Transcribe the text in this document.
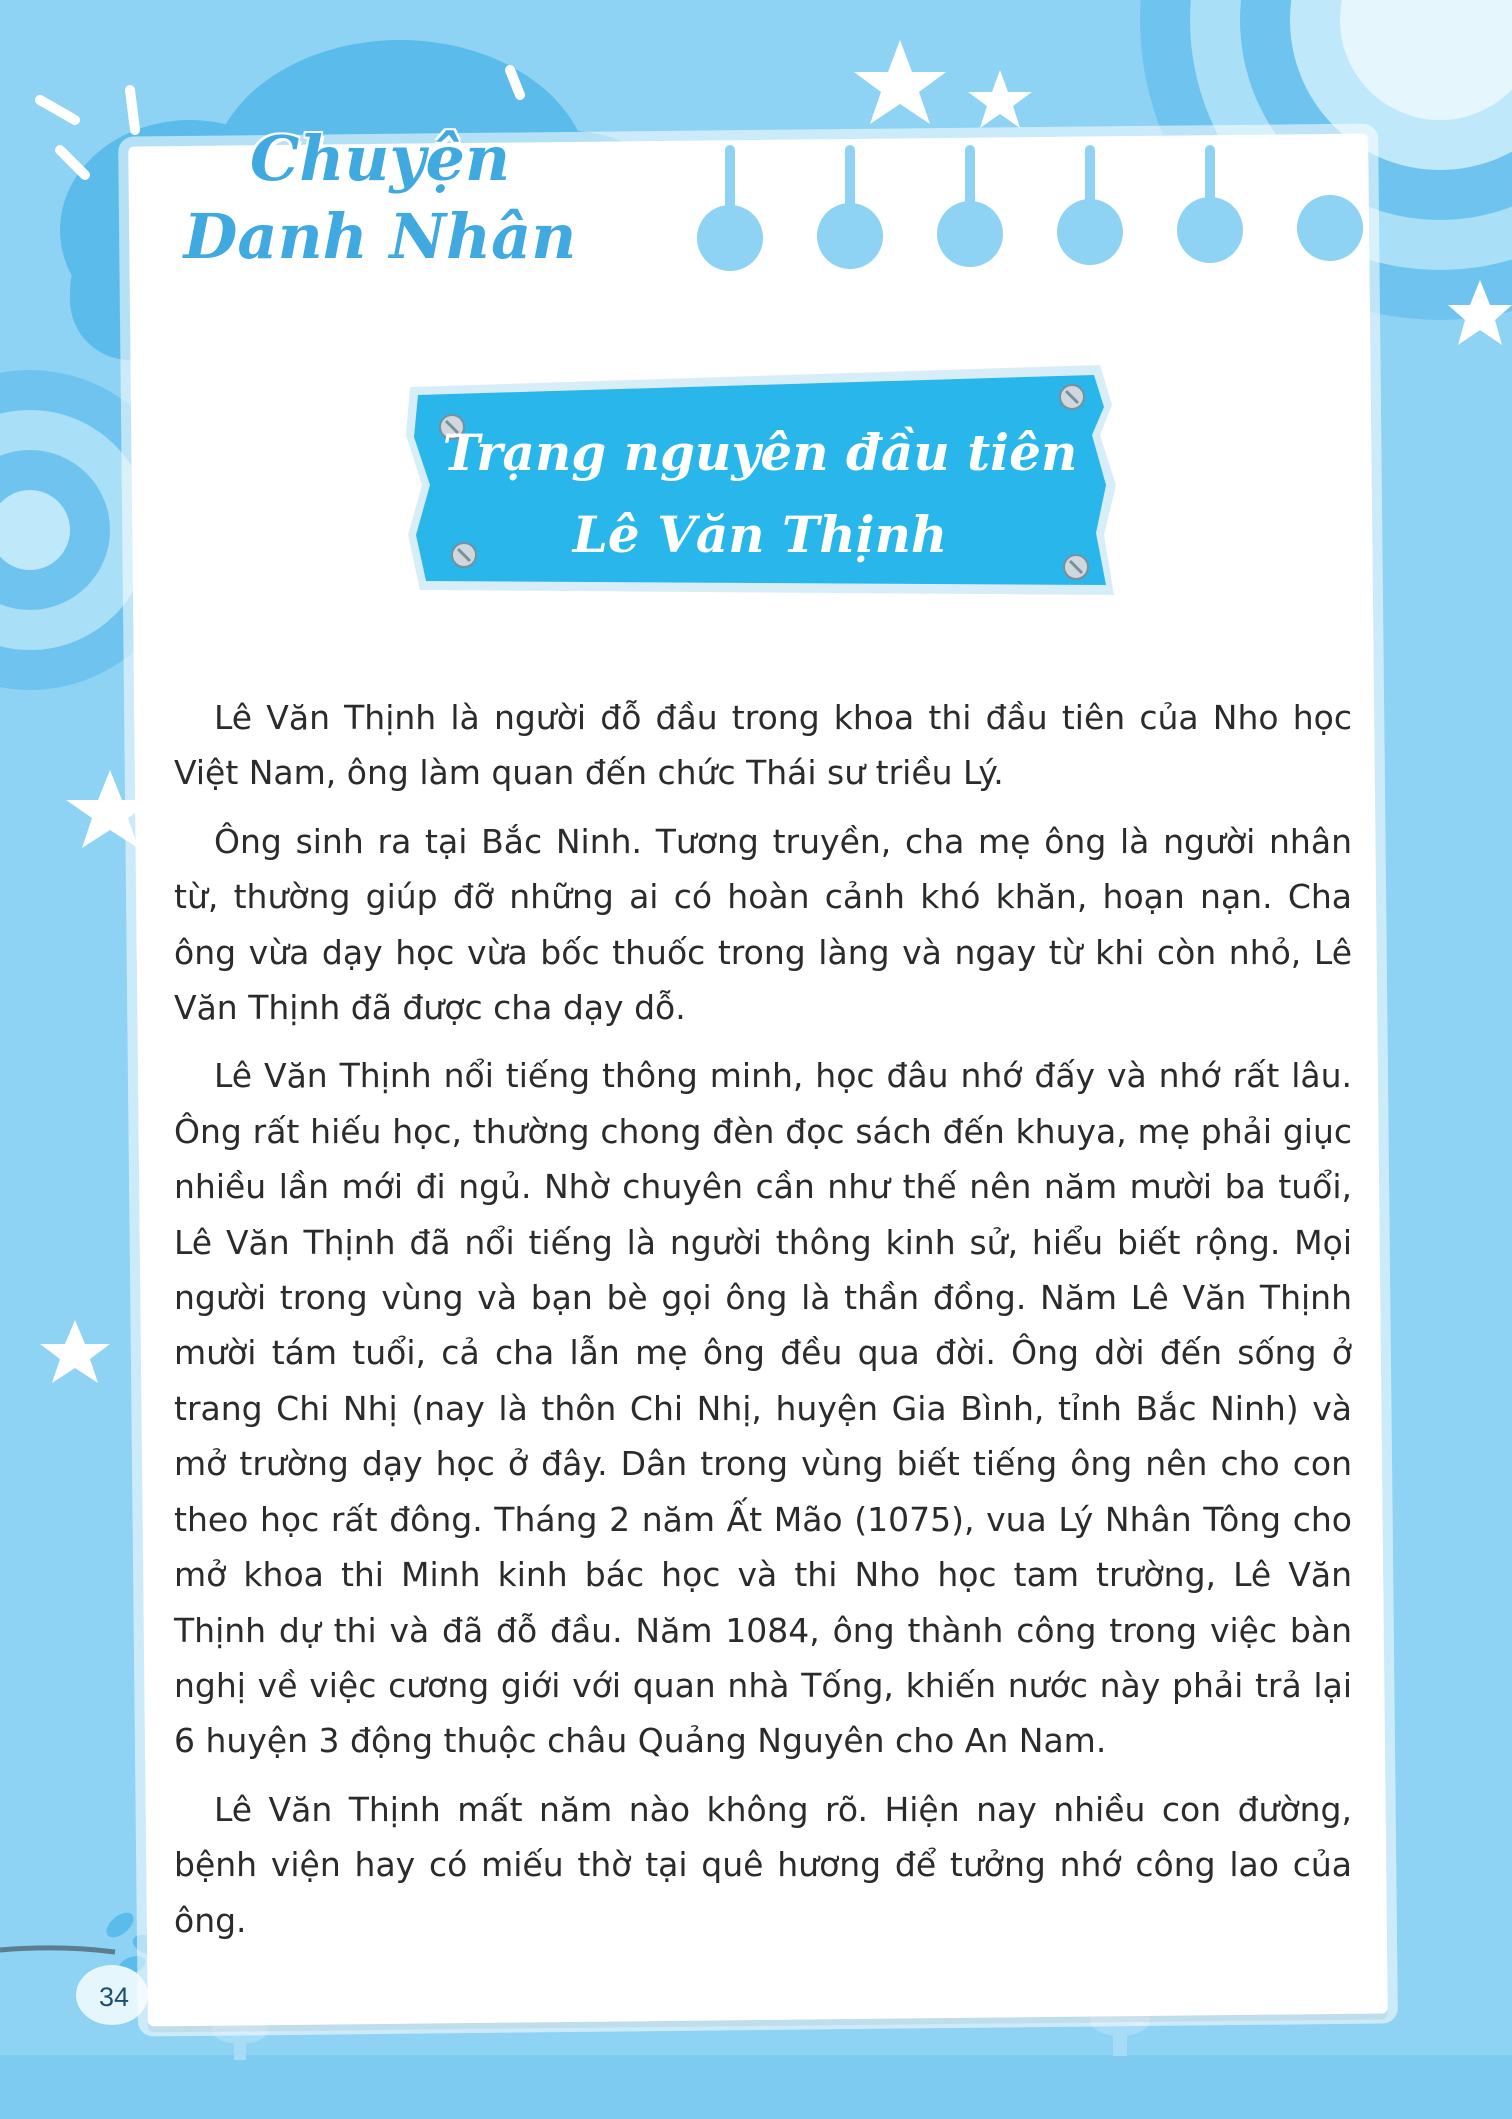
Chuyện
Danh Nhân
Trạng nguyên đầu tiên
Lê Văn Thịnh

Lê Văn Thịnh là người đỗ đầu trong khoa thi đầu tiên của Nho học Việt Nam, ông làm quan đến chức Thái sư triều Lý.

Ông sinh ra tại Bắc Ninh. Tương truyền, cha mẹ ông là người nhân từ, thường giúp đỡ những ai có hoàn cảnh khó khăn, hoạn nạn. Cha ông vừa dạy học vừa bốc thuốc trong làng và ngay từ khi còn nhỏ, Lê Văn Thịnh đã được cha dạy dỗ.

Lê Văn Thịnh nổi tiếng thông minh, học đâu nhớ đấy và nhớ rất lâu. Ông rất hiếu học, thường chong đèn đọc sách đến khuya, mẹ phải giục nhiều lần mới đi ngủ. Nhờ chuyên cần như thế nên năm mười ba tuổi, Lê Văn Thịnh đã nổi tiếng là người thông kinh sử, hiểu biết rộng. Mọi người trong vùng và bạn bè gọi ông là thần đồng. Năm Lê Văn Thịnh mười tám tuổi, cả cha lẫn mẹ ông đều qua đời. Ông dời đến sống ở trang Chi Nhị (nay là thôn Chi Nhị, huyện Gia Bình, tỉnh Bắc Ninh) và mở trường dạy học ở đây. Dân trong vùng biết tiếng ông nên cho con theo học rất đông. Tháng 2 năm Ất Mão (1075), vua Lý Nhân Tông cho mở khoa thi Minh kinh bác học và thi Nho học tam trường, Lê Văn Thịnh dự thi và đã đỗ đầu. Năm 1084, ông thành công trong việc bàn nghị về việc cương giới với quan nhà Tống, khiến nước này phải trả lại 6 huyện 3 động thuộc châu Quảng Nguyên cho An Nam.

Lê Văn Thịnh mất năm nào không rõ. Hiện nay nhiều con đường, bệnh viện hay có miếu thờ tại quê hương để tưởng nhớ công lao của ông.

34
